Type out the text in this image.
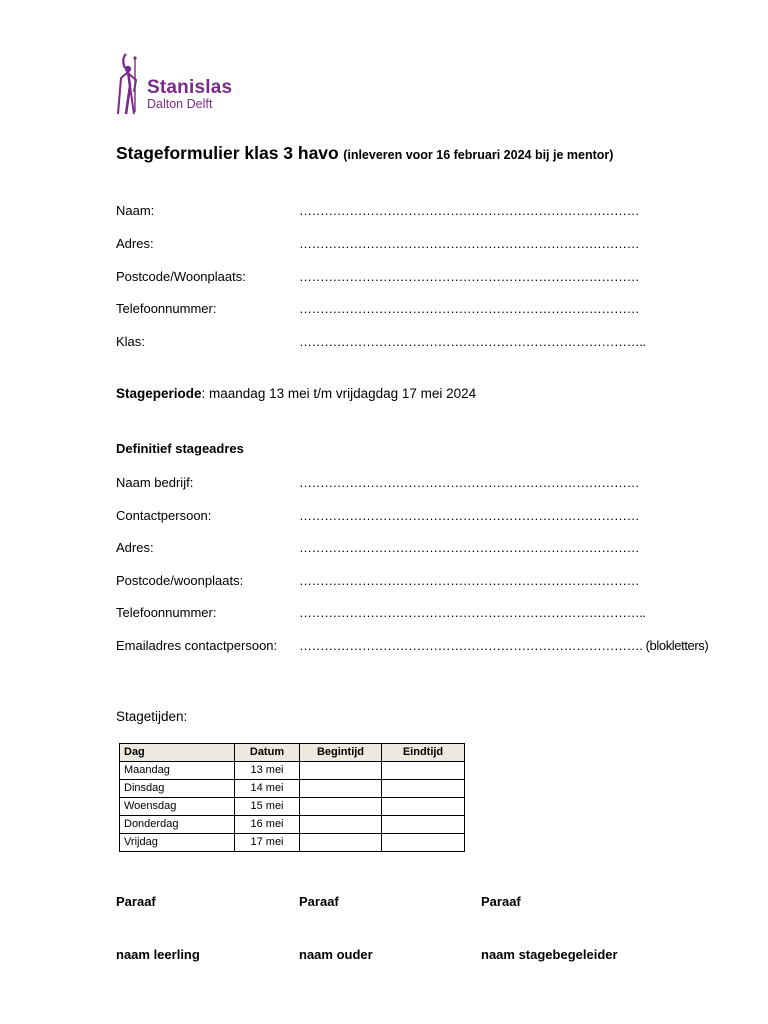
Stanislas
Dalton Delft
Stageformulier klas 3 havo (inleveren voor 16 februari 2024 bij je mentor)
Naam:	………………………………………………………………………
Adres:	………………………………………………………………………
Postcode/Woonplaats:	………………………………………………………………………
Telefoonnummer:	………………………………………………………………………
Klas:	………………………………………………………………………..
Stageperiode: maandag 13 mei t/m vrijdagdag 17 mei 2024
Definitief stageadres
Naam bedrijf:	………………………………………………………………………
Contactpersoon:	………………………………………………………………………
Adres:	………………………………………………………………………
Postcode/woonplaats:	………………………………………………………………………
Telefoonnummer:	………………………………………………………………………..
Emailadres contactpersoon: ………………………………………………………………………. (blokletters)
Stagetijden:
Dag	Datum	Begintijd	Eindtijd
Maandag	13 mei		
Dinsdag	14 mei		
Woensdag	15 mei		
Donderdag	16 mei		
Vrijdag	17 mei		
Paraaf	Paraaf	Paraaf
naam leerling	naam ouder	naam stagebegeleider
